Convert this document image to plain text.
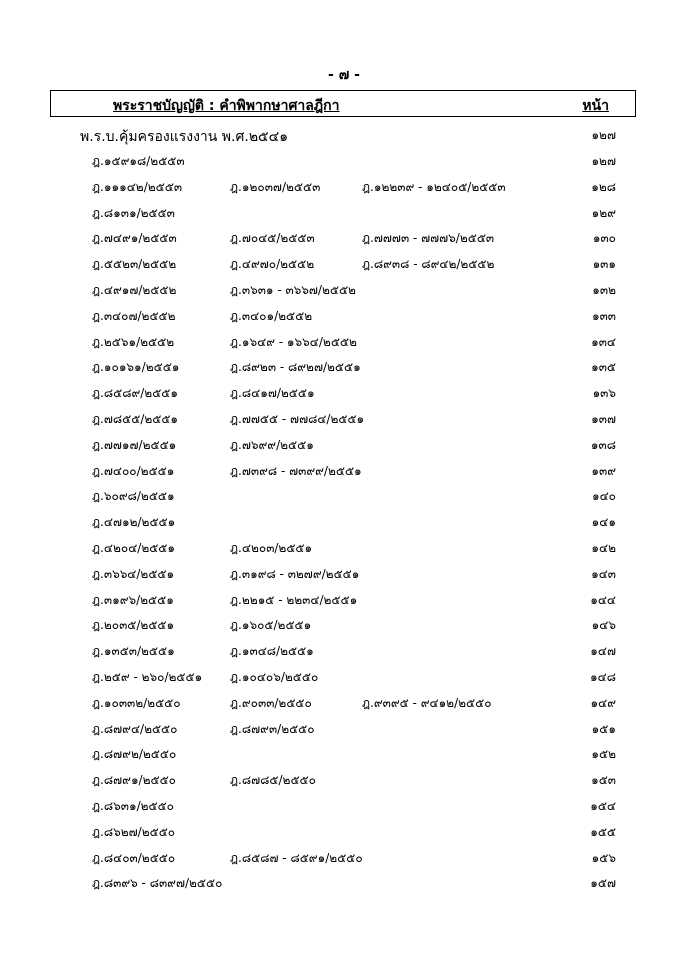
- ๗ -
พระราชบัญญัติ : คำพิพากษาศาลฎีกา	หน้า
พ.ร.บ.คุ้มครองแรงงาน พ.ศ.๒๕๔๑	๑๒๗
ฎ.๑๕๙๑๘/๒๕๕๓	๑๒๗
ฎ.๑๑๑๔๒/๒๕๕๓	ฎ.๑๒๐๓๗/๒๕๕๓	ฎ.๑๒๒๓๙ - ๑๒๔๐๕/๒๕๕๓	๑๒๘
ฎ.๘๑๓๑/๒๕๕๓	๑๒๙
ฎ.๗๔๙๑/๒๕๕๓	ฎ.๗๐๔๕/๒๕๕๓	ฎ.๗๗๗๓ - ๗๗๗๖/๒๕๕๓	๑๓๐
ฎ.๕๕๒๓/๒๕๕๒	ฎ.๔๙๗๐/๒๕๕๒	ฎ.๘๙๓๘ - ๘๙๔๒/๒๕๕๒	๑๓๑
ฎ.๔๙๑๗/๒๕๕๒	ฎ.๓๖๓๑ - ๓๖๖๗/๒๕๕๒	๑๓๒
ฎ.๓๔๐๗/๒๕๕๒	ฎ.๓๔๐๑/๒๕๕๒	๑๓๓
ฎ.๒๕๖๑/๒๕๕๒	ฎ.๑๖๔๙ - ๑๖๖๔/๒๕๕๒	๑๓๔
ฎ.๑๐๑๖๑/๒๕๕๑	ฎ.๘๙๒๓ - ๘๙๒๗/๒๕๕๑	๑๓๕
ฎ.๘๕๘๙/๒๕๕๑	ฎ.๘๔๑๗/๒๕๕๑	๑๓๖
ฎ.๗๘๕๕/๒๕๕๑	ฎ.๗๗๕๕ - ๗๗๘๔/๒๕๕๑	๑๓๗
ฎ.๗๗๑๗/๒๕๕๑	ฎ.๗๖๙๙/๒๕๕๑	๑๓๘
ฎ.๗๔๐๐/๒๕๕๑	ฎ.๗๓๙๘ - ๗๓๙๙/๒๕๕๑	๑๓๙
ฎ.๖๐๙๘/๒๕๕๑	๑๔๐
ฎ.๔๗๑๒/๒๕๕๑	๑๔๑
ฎ.๔๒๐๔/๒๕๕๑	ฎ.๔๒๐๓/๒๕๕๑	๑๔๒
ฎ.๓๖๖๔/๒๕๕๑	ฎ.๓๑๙๘ - ๓๒๗๙/๒๕๕๑	๑๔๓
ฎ.๓๑๙๖/๒๕๕๑	ฎ.๒๒๑๕ - ๒๒๓๔/๒๕๕๑	๑๔๔
ฎ.๒๐๓๕/๒๕๕๑	ฎ.๑๖๐๕/๒๕๕๑	๑๔๖
ฎ.๑๓๕๓/๒๕๕๑	ฎ.๑๓๔๘/๒๕๕๑	๑๔๗
ฎ.๒๕๙ - ๒๖๐/๒๕๕๑ ฎ.๑๐๔๐๖/๒๕๕๐	๑๔๘
ฎ.๑๐๓๓๒/๒๕๕๐	ฎ.๙๐๓๓/๒๕๕๐	ฎ.๙๓๙๕ - ๙๔๑๒/๒๕๕๐	๑๔๙
ฎ.๘๗๙๔/๒๕๕๐	ฎ.๘๗๙๓/๒๕๕๐	๑๕๑
ฎ.๘๗๙๒/๒๕๕๐	๑๕๒
ฎ.๘๗๙๑/๒๕๕๐	ฎ.๘๗๘๕/๒๕๕๐	๑๕๓
ฎ.๘๖๓๑/๒๕๕๐	๑๕๔
ฎ.๘๖๒๗/๒๕๕๐	๑๕๕
ฎ.๘๔๐๓/๒๕๕๐	ฎ.๘๕๘๗ - ๘๕๙๑/๒๕๕๐	๑๕๖
ฎ.๘๓๙๖ - ๘๓๙๗/๒๕๕๐	๑๕๗
